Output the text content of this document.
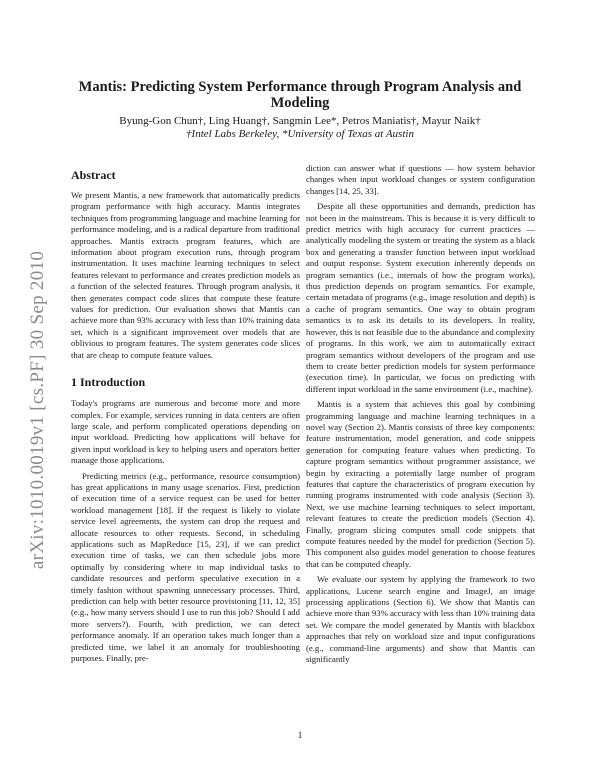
arXiv:1010.0019v1 [cs.PF] 30 Sep 2010
Mantis: Predicting System Performance through Program Analysis and
Modeling
Byung-Gon Chun†, Ling Huang†, Sangmin Lee*, Petros Maniatis†, Mayur Naik†
†Intel Labs Berkeley, *University of Texas at Austin
Abstract

We present Mantis, a new framework that automatically predicts program performance with high accuracy. Mantis integrates techniques from programming language and machine learning for performance modeling, and is a radical departure from traditional approaches. Mantis extracts program features, which are information about program execution runs, through program instrumentation. It uses machine learning techniques to select features relevant to performance and creates prediction models as a function of the selected features. Through program analysis, it then generates compact code slices that compute these feature values for prediction. Our evaluation shows that Mantis can achieve more than 93% accuracy with less than 10% training data set, which is a significant improvement over models that are oblivious to program features. The system generates code slices that are cheap to compute feature values.

1 Introduction

Today's programs are numerous and become more and more complex. For example, services running in data centers are often large scale, and perform complicated operations depending on input workload. Predicting how applications will behave for given input workload is key to helping users and operators better manage those applications.

Predicting metrics (e.g., performance, resource consumption) has great applications in many usage scenarios. First, prediction of execution time of a service request can be used for better workload management [18]. If the request is likely to violate service level agreements, the system can drop the request and allocate resources to other requests. Second, in scheduling applications such as MapReduce [15, 23], if we can predict execution time of tasks, we can then schedule jobs more optimally by considering where to map individual tasks to candidate resources and perform speculative execution in a timely fashion without spawning unnecessary processes. Third, prediction can help with better resource provisioning [11, 12, 35] (e.g., how many servers should I use to run this job? Should I add more servers?). Fourth, with prediction, we can detect performance anomaly. If an operation takes much longer than a predicted time, we label it an anomaly for troubleshooting purposes. Finally, pre-

diction can answer what if questions — how system behavior changes when input workload changes or system configuration changes [14, 25, 33].

Despite all these opportunities and demands, prediction has not been in the mainstream. This is because it is very difficult to predict metrics with high accuracy for current practices — analytically modeling the system or treating the system as a black box and generating a transfer function between input workload and output response. System execution inherently depends on program semantics (i.e., internals of how the program works), thus prediction depends on program semantics. For example, certain metadata of programs (e.g., image resolution and depth) is a cache of program semantics. One way to obtain program semantics is to ask its details to its developers. In reality, however, this is not feasible due to the abundance and complexity of programs. In this work, we aim to automatically extract program semantics without developers of the program and use them to create better prediction models for system performance (execution time). In particular, we focus on predicting with different input workload in the same environment (i.e., machine).

Mantis is a system that achieves this goal by combining programming language and machine learning techniques in a novel way (Section 2). Mantis consists of three key components: feature instrumentation, model generation, and code snippets generation for computing feature values when predicting. To capture program semantics without programmer assistance, we begin by extracting a potentially large number of program features that capture the characteristics of program execution by running programs instrumented with code analysis (Section 3). Next, we use machine learning techniques to select important, relevant features to create the prediction models (Section 4). Finally, program slicing computes small code snippets that compute features needed by the model for prediction (Section 5). This component also guides model generation to choose features that can be computed cheaply.

We evaluate our system by applying the framework to two applications, Lucene search engine and ImageJ, an image processing applications (Section 6). We show that Mantis can achieve more than 93% accuracy with less than 10% training data set. We compare the model generated by Mantis with blackbox approaches that rely on workload size and input configurations (e.g., command-line arguments) and show that Mantis can significantly

1
